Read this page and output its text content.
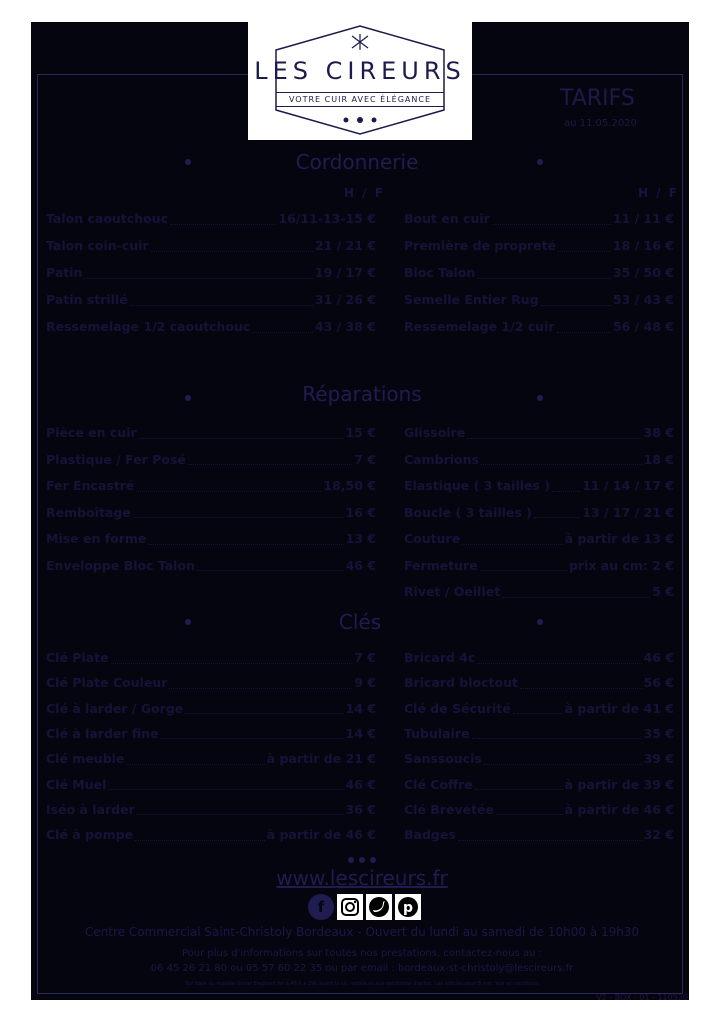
LES CIREURS
VOTRE CUIR AVEC ÉLÉGANCE	TARIFS
au 11.05.2020
Cordonnerie
H / F	H / F
Talon caoutchouc	16/11-13-15 €
Talon coin-cuir	21 / 21 €
Patin	19 / 17 €
Patin strillé	31 / 26 €
Ressemelage 1/2 caoutchouc	43 / 38 €
Bout en cuir	11 / 11 €
Première de propreté	18 / 16 €
Bloc Talon	35 / 50 €
Semelle Entier Rug	53 / 43 €
Ressemelage 1/2 cuir	56 / 48 €
Réparations
Pièce en cuir	15 €
Plastique / Fer Posé	7 €
Fer Encastré	18,50 €
Remboîtage	16 €
Mise en forme	13 €
Enveloppe Bloc Talon	46 €
Glissoire	38 €
Cambrions	18 €
Elastique ( 3 tailles )	11 / 14 / 17 €
Boucle ( 3 tailles )	13 / 17 / 21 €
Couture	à partir de 13 €
Fermeture	prix au cm: 2 €
Rivet / Oeillet	5 €
Clés
Clé Plate	7 €
Clé Plate Couleur	9 €
Clé à larder / Gorge	14 €
Clé à larder fine	14 €
Clé meuble	à partir de 21 €
Clé Muel	46 €
Iséo à larder	36 €
Clé à pompe	à partir de 46 €
Bricard 4c	46 €
Bricard bloctout	56 €
Clé de Sécurité	à partir de 41 €
Tubulaire	35 €
Sanssoucis	39 €
Clé Coffre	à partir de 39 €
Clé Brevetée	à partir de 46 €
Badges	32 €
www.lescireurs.fr
f	p
Centre Commercial Saint-Christoly Bordeaux - Ouvert du lundi au samedi de 10h00 à 19h30
Pour plus d'informations sur toutes nos prestations, contactez-nous au :
06 45 26 21 80 ou 05 57 60 22 35 ou par email : bordeaux-st-christoly@lescireurs.fr
Sur base du modèle Unisel Elephant fer à 46 € à 19h avant la loi, mobile et aux conditions d'achat. Les articles sous 8 mm. Voir et conditions
V2 - BOX - 01 - 110520
